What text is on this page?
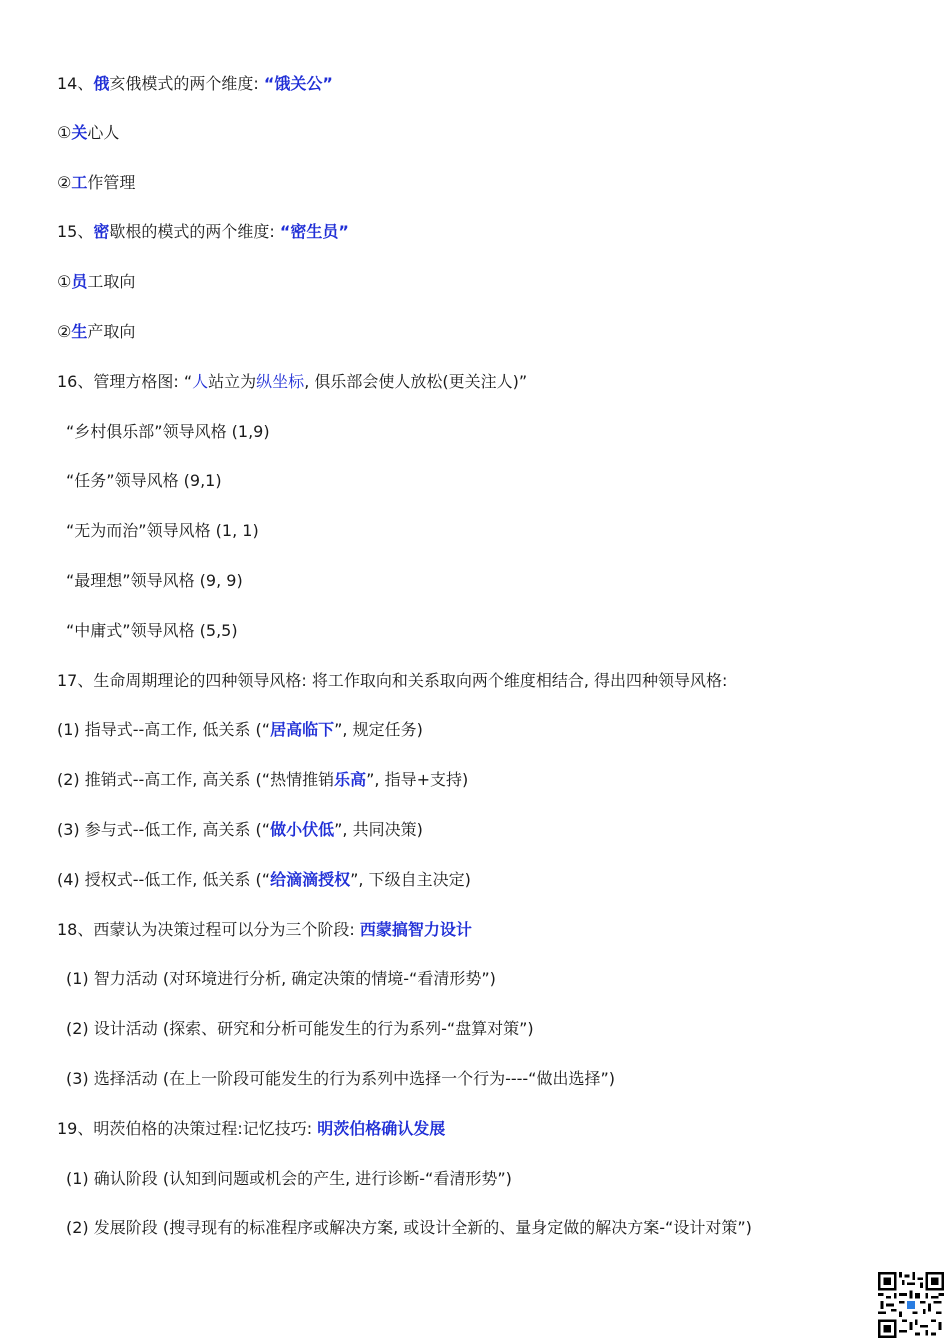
14、俄亥俄模式的两个维度: “饿关公”
①关心人
②工作管理
15、密歇根的模式的两个维度: “密生员”
①员工取向
②生产取向
16、管理方格图: “人站立为纵坐标, 俱乐部会使人放松(更关注人)”
“乡村俱乐部”领导风格 (1,9)
“任务”领导风格 (9,1)
“无为而治”领导风格 (1, 1)
“最理想”领导风格 (9, 9)
“中庸式”领导风格 (5,5)
17、生命周期理论的四种领导风格: 将工作取向和关系取向两个维度相结合, 得出四种领导风格:
(1) 指导式--高工作, 低关系 (“居高临下”, 规定任务)
(2) 推销式--高工作, 高关系 (“热情推销乐高”, 指导+支持)
(3) 参与式--低工作, 高关系 (“做小伏低”, 共同决策)
(4) 授权式--低工作, 低关系 (“给滴滴授权”, 下级自主决定)
18、西蒙认为决策过程可以分为三个阶段: 西蒙搞智力设计
(1) 智力活动 (对环境进行分析, 确定决策的情境-“看清形势”)
(2) 设计活动 (探索、研究和分析可能发生的行为系列-“盘算对策”)
(3) 选择活动 (在上一阶段可能发生的行为系列中选择一个行为----“做出选择”)
19、明茨伯格的决策过程:记忆技巧: 明茨伯格确认发展
(1) 确认阶段 (认知到问题或机会的产生, 进行诊断-“看清形势”)
(2) 发展阶段 (搜寻现有的标准程序或解决方案, 或设计全新的、量身定做的解决方案-“设计对策”)
